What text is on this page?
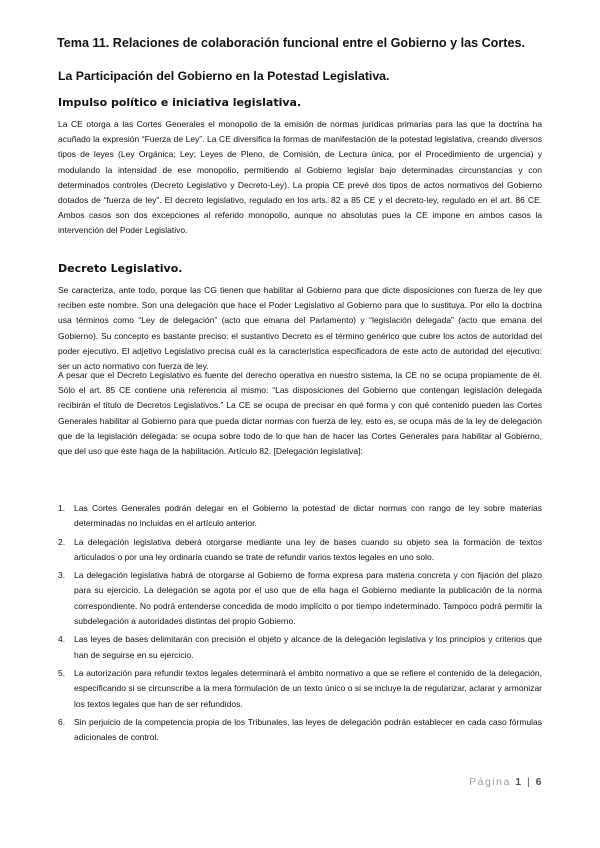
Tema 11. Relaciones de colaboración funcional entre el Gobierno y las Cortes.
La Participación del Gobierno en la Potestad Legislativa.
Impulso político e iniciativa legislativa.
La CE otorga a las Cortes Generales el monopolio de la emisión de normas jurídicas primarias para las que la doctrina ha acuñado la expresión “Fuerza de Ley”. La CE diversifica la formas de manifestación de la potestad legislativa, creando diversos tipos de leyes (Ley Orgánica; Ley; Leyes de Pleno, de Comisión, de Lectura única, por el Procedimiento de urgencia) y modulando la intensidad de ese monopolio, permitiendo al Gobierno legislar bajo determinadas circunstancias y con determinados controles (Decreto Legislativo y Decreto-Ley). La propia CE prevé dos tipos de actos normativos del Gobierno dotados de “fuerza de ley”. El decreto legislativo, regulado en los arts. 82 a 85 CE y el decreto-ley, regulado en el art. 86 CE. Ambos casos son dos excepciones al referido monopolio, aunque no absolutas pues la CE impone en ambos casos la intervención del Poder Legislativo.
Decreto Legislativo.
Se caracteriza, ante todo, porque las CG tienen que habilitar al Gobierno para que dicte disposiciones con fuerza de ley que reciben este nombre. Son una delegación que hace el Poder Legislativo al Gobierno para que lo sustituya. Por ello la doctrina usa términos como “Ley de delegación” (acto que emana del Parlamento) y “legislación delegada” (acto que emana del Gobierno). Su concepto es bastante preciso: el sustantivo Decreto es el término genérico que cubre los actos de autoridad del poder ejecutivo. El adjetivo Legislativo precisa cuál es la característica especificadora de este acto de autoridad del ejecutivo: ser un acto normativo con fuerza de ley.
A pesar que el Decreto Legislativo es fuente del derecho operativa en nuestro sistema, la CE no se ocupa propiamente de él. Sólo el art. 85 CE contiene una referencia al mismo: “Las disposiciones del Gobierno que contengan legislación delegada recibirán el título de Decretos Legislativos.” La CE se ocupa de precisar en qué forma y con qué contenido pueden las Cortes Generales habilitar al Gobierno para que pueda dictar normas con fuerza de ley, esto es, se ocupa más de la ley de delegación que de la legislación delegada: se ocupa sobre todo de lo que han de hacer las Cortes Generales para habilitar al Gobierno, que del uso que éste haga de la habilitación. Artículo 82. [Delegación legislativa]:
1. Las Cortes Generales podrán delegar en el Gobierno la potestad de dictar normas con rango de ley sobre materias determinadas no incluidas en el artículo anterior.
2. La delegación legislativa deberá otorgarse mediante una ley de bases cuando su objeto sea la formación de textos articulados o por una ley ordinaria cuando se trate de refundir varios textos legales en uno solo.
3. La delegación legislativa habrá de otorgarse al Gobierno de forma expresa para materia concreta y con fijación del plazo para su ejercicio. La delegación se agota por el uso que de ella haga el Gobierno mediante la publicación de la norma correspondiente. No podrá entenderse concedida de modo implícito o por tiempo indeterminado. Tampoco podrá permitir la subdelegación a autoridades distintas del propio Gobierno.
4. Las leyes de bases delimitarán con precisión el objeto y alcance de la delegación legislativa y los principios y criterios que han de seguirse en su ejercicio.
5. La autorización para refundir textos legales determinará el ámbito normativo a que se refiere el contenido de la delegación, especificando si se circunscribe a la mera formulación de un texto único o si se incluye la de regularizar, aclarar y armonizar los textos legales que han de ser refundidos.
6. Sin perjuicio de la competencia propia de los Tribunales, las leyes de delegación podrán establecer en cada caso fórmulas adicionales de control.
Página 1 | 6
